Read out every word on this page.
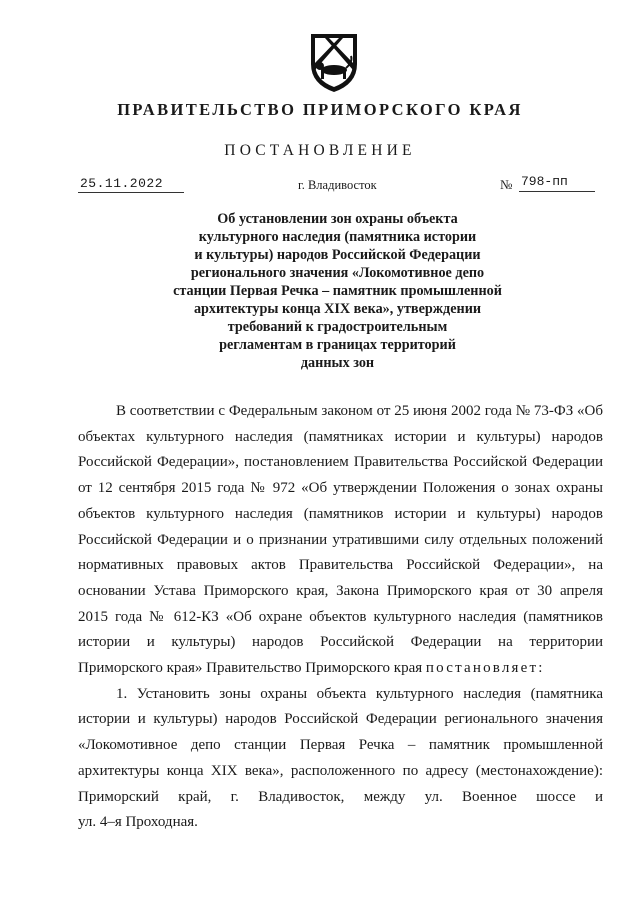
ПРАВИТЕЛЬСТВО ПРИМОРСКОГО КРАЯ
ПОСТАНОВЛЕНИЕ
25.11.2022	г. Владивосток	№ 798-пп
Об установлении зон охраны объекта
культурного наследия (памятника истории
и культуры) народов Российской Федерации
регионального значения «Локомотивное депо
станции Первая Речка – памятник промышленной
архитектуры конца XIX века», утверждении
требований к градостроительным
регламентам в границах территорий
данных зон
В соответствии с Федеральным законом от 25 июня 2002 года № 73-ФЗ «Об
объектах культурного наследия (памятниках истории и культуры) народов
Российской Федерации», постановлением Правительства Российской Федерации
от 12 сентября 2015 года № 972 «Об утверждении Положения о зонах охраны
объектов культурного наследия (памятников истории и культуры) народов
Российской Федерации и о признании утратившими силу отдельных положений
нормативных правовых актов Правительства Российской Федерации», на
основании Устава Приморского края, Закона Приморского края от 30 апреля
2015 года № 612-КЗ «Об охране объектов культурного наследия (памятников
истории и культуры) народов Российской Федерации на территории
Приморского края» Правительство Приморского края постановляет:
1. Установить зоны охраны объекта культурного наследия (памятника
истории и культуры) народов Российской Федерации регионального значения
«Локомотивное депо станции Первая Речка – памятник промышленной
архитектуры конца XIX века», расположенного по адресу (местонахождение):
Приморский край, г. Владивосток, между ул. Военное шоссе и
ул. 4–я Проходная.
